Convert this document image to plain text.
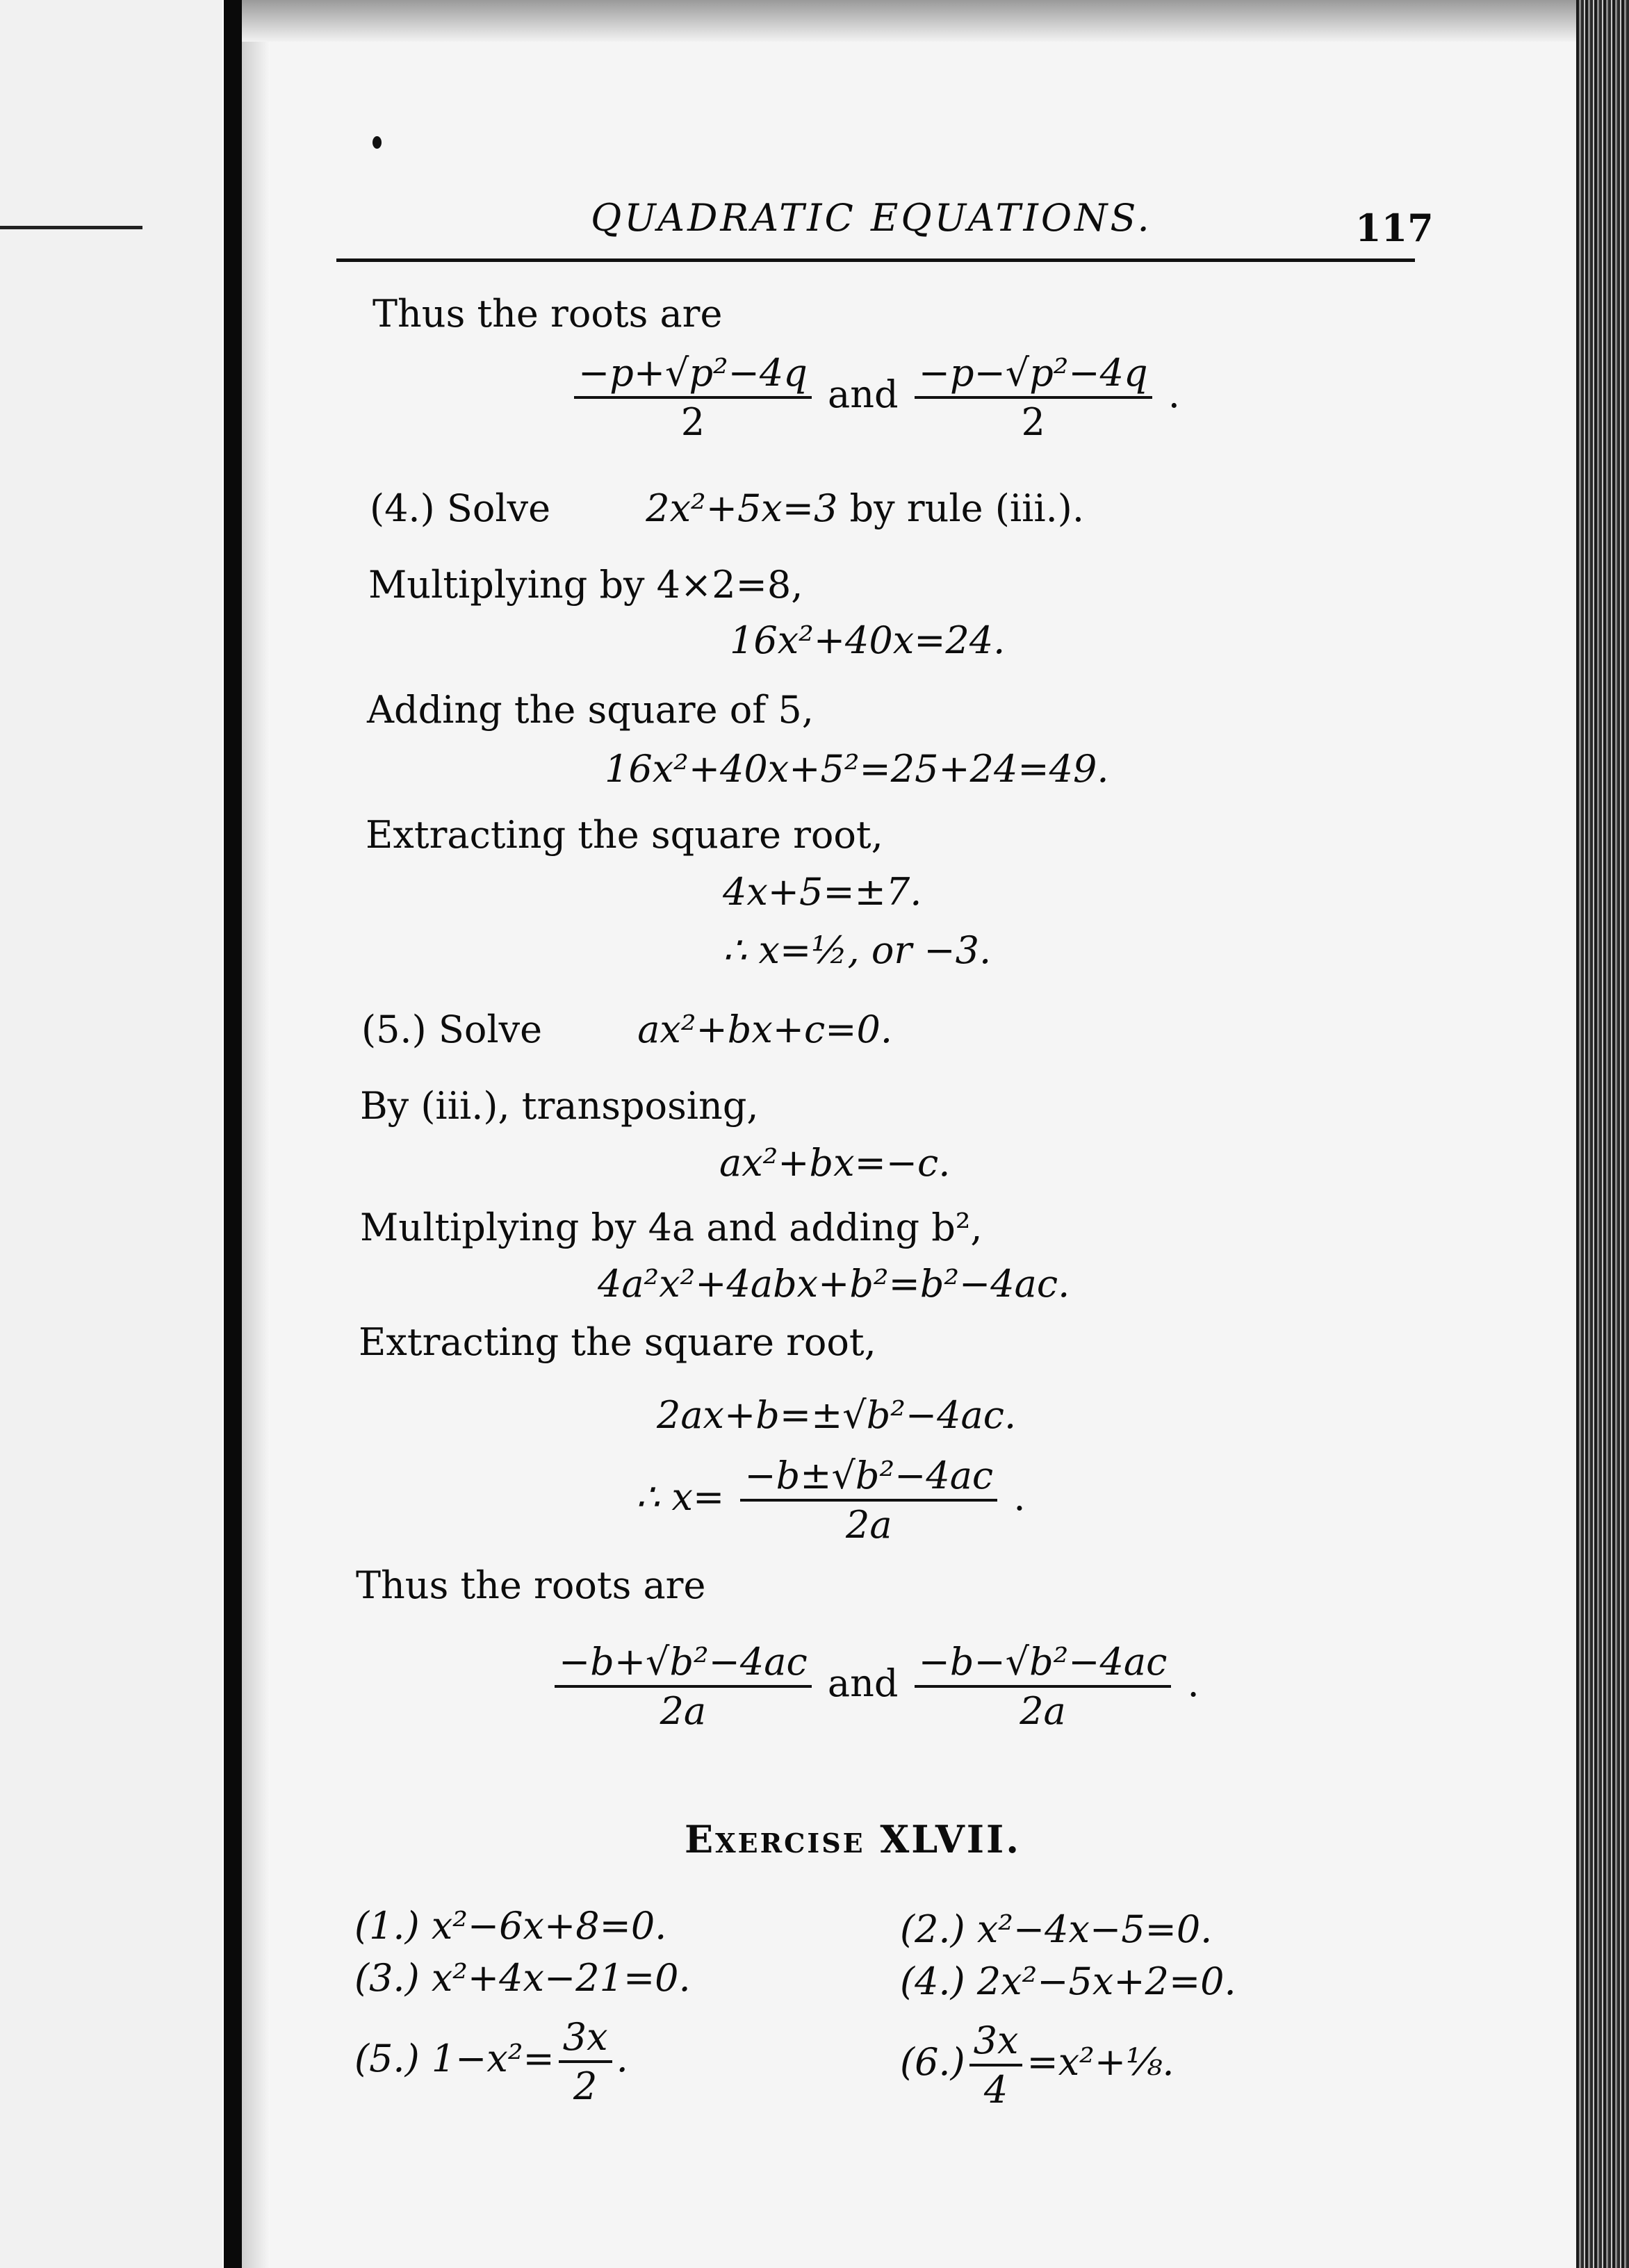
QUADRATIC EQUATIONS.	117
Thus the roots are
$\frac{\text{−p+√p²−4q}}{2}$ and $\frac{\text{−p−√p²−4q}}{2}$ .
(4.) Solve	2x²+5x=3 by rule (iii.).
Multiplying by 4×2=8,
16x²+40x=24.
Adding the square of 5,
16x²+40x+5²=25+24=49.
Extracting the square root,
4x+5=±7.
∴ x=½, or −3.
(5.) Solve	ax²+bx+c=0.
By (iii.), transposing,
ax²+bx=−c.
Multiplying by 4a and adding b²,
4a²x²+4abx+b²=b²−4ac.
Extracting the square root,
2ax+b=±√b²−4ac.
∴ $x= \frac{\text{−b±√b²−4ac}}{2a}$ .
Thus the roots are
$\frac{\text{−b+√b²−4ac}}{2a}$ and $\frac{\text{−b−√b²−4ac}}{2a}$ .
Exercise XLVII.
(1.) x²−6x+8=0.	(2.) x²−4x−5=0.
(3.) x²+4x−21=0.	(4.) 2x²−5x+2=0.
(5.) $1-x^2= \frac{3x}{2}$ .	$(6.) \frac{3x}{4}$ =x²+⅛.
